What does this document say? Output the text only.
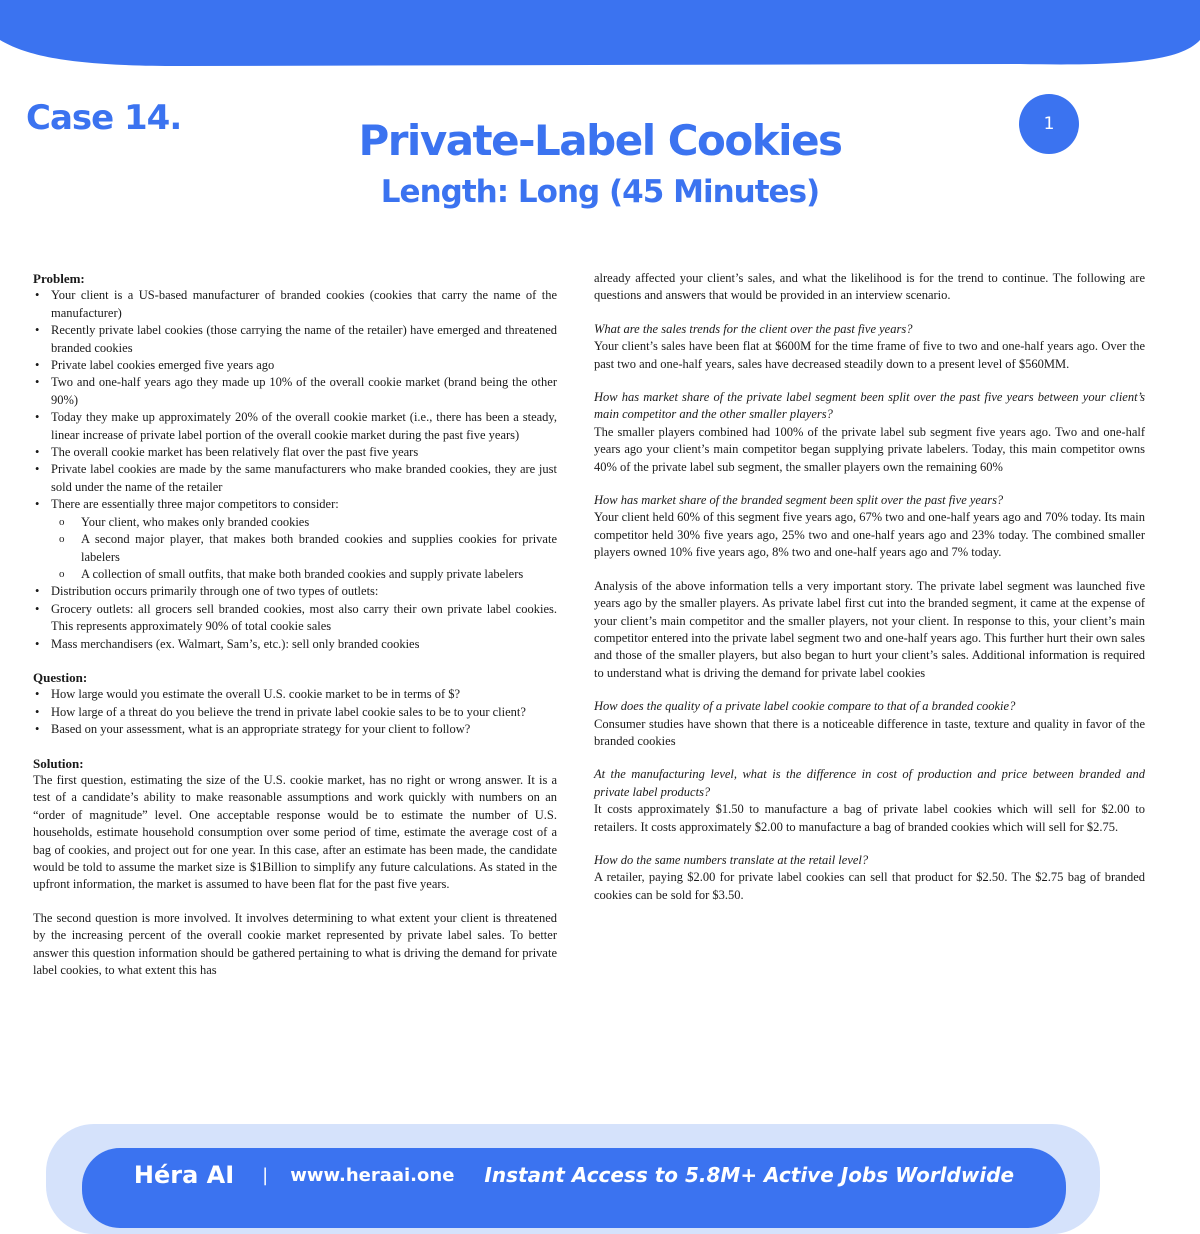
Case 14.	1
Private-Label Cookies
Length: Long (45 Minutes)
Problem:
• Your client is a US-based manufacturer of branded cookies (cookies that carry the name of the manufacturer)
• Recently private label cookies (those carrying the name of the retailer) have emerged and threatened branded cookies
• Private label cookies emerged five years ago
• Two and one-half years ago they made up 10% of the overall cookie market (brand being the other 90%)
• Today they make up approximately 20% of the overall cookie market (i.e., there has been a steady, linear increase of private label portion of the overall cookie market during the past five years)
• The overall cookie market has been relatively flat over the past five years
• Private label cookies are made by the same manufacturers who make branded cookies, they are just sold under the name of the retailer
• There are essentially three major competitors to consider:
o Your client, who makes only branded cookies
o A second major player, that makes both branded cookies and supplies cookies for private labelers
o A collection of small outfits, that make both branded cookies and supply private labelers
• Distribution occurs primarily through one of two types of outlets:
• Grocery outlets: all grocers sell branded cookies, most also carry their own private label cookies. This represents approximately 90% of total cookie sales
• Mass merchandisers (ex. Walmart, Sam’s, etc.): sell only branded cookies
Question:
• How large would you estimate the overall U.S. cookie market to be in terms of $?
• How large of a threat do you believe the trend in private label cookie sales to be to your client?
• Based on your assessment, what is an appropriate strategy for your client to follow?
Solution:

The first question, estimating the size of the U.S. cookie market, has no right or wrong answer. It is a test of a candidate’s ability to make reasonable assumptions and work quickly with numbers on an “order of magnitude” level. One acceptable response would be to estimate the number of U.S. households, estimate household consumption over some period of time, estimate the average cost of a bag of cookies, and project out for one year. In this case, after an estimate has been made, the candidate would be told to assume the market size is $1Billion to simplify any future calculations. As stated in the upfront information, the market is assumed to have been flat for the past five years.

The second question is more involved. It involves determining to what extent your client is threatened by the increasing percent of the overall cookie market represented by private label sales. To better answer this question information should be gathered pertaining to what is driving the demand for private label cookies, to what extent this has

already affected your client’s sales, and what the likelihood is for the trend to continue. The following are questions and answers that would be provided in an interview scenario.

What are the sales trends for the client over the past five years?

Your client’s sales have been flat at $600M for the time frame of five to two and one-half years ago. Over the past two and one-half years, sales have decreased steadily down to a present level of $560MM.

How has market share of the private label segment been split over the past five years between your client’s main competitor and the other smaller players?

The smaller players combined had 100% of the private label sub segment five years ago. Two and one-half years ago your client’s main competitor began supplying private labelers. Today, this main competitor owns 40% of the private label sub segment, the smaller players own the remaining 60%

How has market share of the branded segment been split over the past five years?

Your client held 60% of this segment five years ago, 67% two and one-half years ago and 70% today. Its main competitor held 30% five years ago, 25% two and one-half years ago and 23% today. The combined smaller players owned 10% five years ago, 8% two and one-half years ago and 7% today.

Analysis of the above information tells a very important story. The private label segment was launched five years ago by the smaller players. As private label first cut into the branded segment, it came at the expense of your client’s main competitor and the smaller players, not your client. In response to this, your client’s main competitor entered into the private label segment two and one-half years ago. This further hurt their own sales and those of the smaller players, but also began to hurt your client’s sales. Additional information is required to understand what is driving the demand for private label cookies

How does the quality of a private label cookie compare to that of a branded cookie?

Consumer studies have shown that there is a noticeable difference in taste, texture and quality in favor of the branded cookies

At the manufacturing level, what is the difference in cost of production and price between branded and private label products?

It costs approximately $1.50 to manufacture a bag of private label cookies which will sell for $2.00 to retailers. It costs approximately $2.00 to manufacture a bag of branded cookies which will sell for $2.75.

How do the same numbers translate at the retail level?

A retailer, paying $2.00 for private label cookies can sell that product for $2.50. The $2.75 bag of branded cookies can be sold for $3.50.

Héra AI | www.heraai.one Instant Access to 5.8M+ Active Jobs Worldwide
